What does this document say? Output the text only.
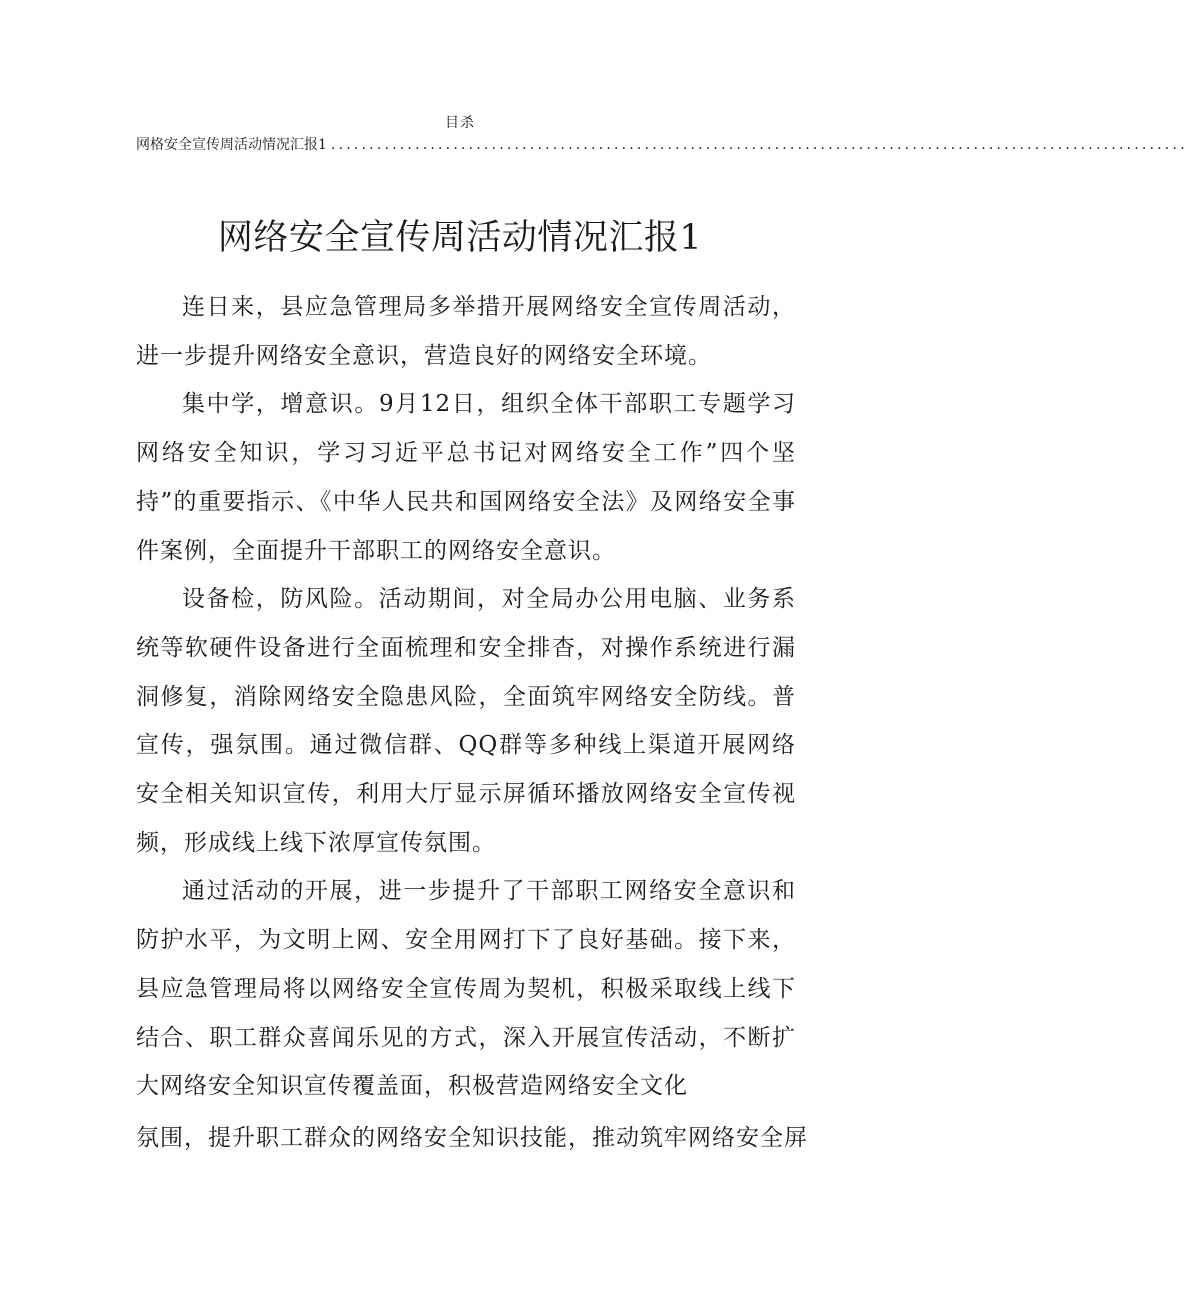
目杀
网格安全宣传周活动情况汇报1 ................................................................................................................
网络安全宣传周活动情况汇报1

连日来，县应急管理局多举措开展网络安全宣传周活动，进一步提升网络安全意识，营造良好的网络安全环境。

集中学，增意识。9月12日，组织全体干部职工专题学习网络安全知识，学习习近平总书记对网络安全工作”四个坚持”的重要指示、《中华人民共和国网络安全法》及网络安全事件案例，全面提升干部职工的网络安全意识。

设备检，防风险。活动期间，对全局办公用电脑、业务系统等软硬件设备进行全面梳理和安全排杳，对操作系统进行漏洞修复，消除网络安全隐患风险，全面筑牢网络安全防线。普宣传，强氛围。通过微信群、QQ群等多种线上渠道开展网络安全相关知识宣传，利用大厅显示屏循环播放网络安全宣传视频，形成线上线下浓厚宣传氛围。

通过活动的开展，进一步提升了干部职工网络安全意识和防护水平，为文明上网、安全用网打下了良好基础。接下来，县应急管理局将以网络安全宣传周为契机，积极采取线上线下结合、职工群众喜闻乐见的方式，深入开展宣传活动，不断扩大网络安全知识宣传覆盖面，积极营造网络安全文化

氛围，提升职工群众的网络安全知识技能，推动筑牢网络安全屏
